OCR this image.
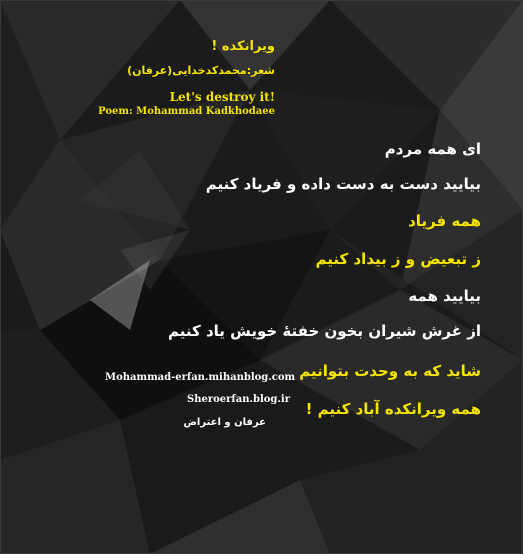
ویرانکده !

شعر:محمدکدخدایی(عرفان)

Let's destroy it!

Poem: Mohammad Kadkhodaee

ای همه مردم

بیایید دست به دست داده و فریاد کنیم

همه فریاد

ز تبعیض و ز بیداد کنیم

بیایید همه

از غرش شیران بخون خفتهٔ خویش یاد کنیم

شاید که به وحدت بتوانیم

همه ویرانکده آباد کنیم !

Mohammad-erfan.mihanblog.com

Sheroerfan.blog.ir

عرفان و اعتراض
